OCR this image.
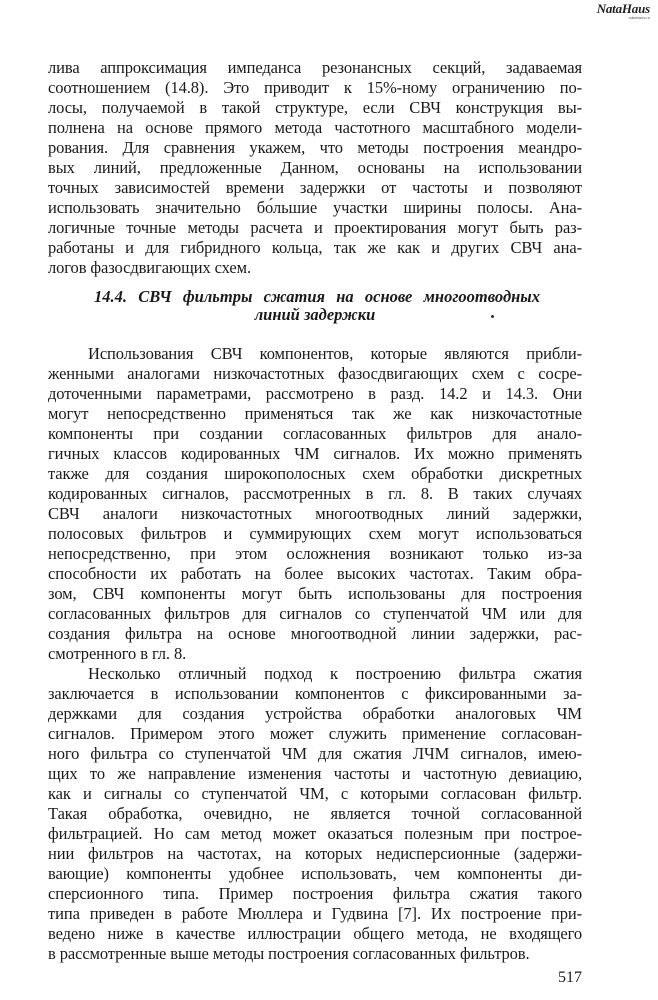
NataHaus
natahaus.ru
лива аппроксимация импеданса резонансных секций, задаваемая
соотношением (14.8). Это приводит к 15%-ному ограничению по-
лосы, получаемой в такой структуре, если СВЧ конструкция вы-
полнена на основе прямого метода частотного масштабного модели-
рования. Для сравнения укажем, что методы построения меандро-
вых линий, предложенные Данном, основаны на использовании
точных зависимостей времени задержки от частоты и позволяют
использовать значительно бо́льшие участки ширины полосы. Ана-
логичные точные методы расчета и проектирования могут быть раз-
работаны и для гибридного кольца, так же как и других СВЧ ана-
логов фазосдвигающих схем.
14.4. СВЧ фильтры сжатия на основе многоотводных
линий задержки
Использования СВЧ компонентов, которые являются прибли-
женными аналогами низкочастотных фазосдвигающих схем с сосре-
доточенными параметрами, рассмотрено в разд. 14.2 и 14.3. Они
могут непосредственно применяться так же как низкочастотные
компоненты при создании согласованных фильтров для анало-
гичных классов кодированных ЧМ сигналов. Их можно применять
также для создания широкополосных схем обработки дискретных
кодированных сигналов, рассмотренных в гл. 8. В таких случаях
СВЧ аналоги низкочастотных многоотводных линий задержки,
полосовых фильтров и суммирующих схем могут использоваться
непосредственно, при этом осложнения возникают только из-за
способности их работать на более высоких частотах. Таким обра-
зом, СВЧ компоненты могут быть использованы для построения
согласованных фильтров для сигналов со ступенчатой ЧМ или для
создания фильтра на основе многоотводной линии задержки, рас-
смотренного в гл. 8.
Несколько отличный подход к построению фильтра сжатия
заключается в использовании компонентов с фиксированными за-
держками для создания устройства обработки аналоговых ЧМ
сигналов. Примером этого может служить применение согласован-
ного фильтра со ступенчатой ЧМ для сжатия ЛЧМ сигналов, имею-
щих то же направление изменения частоты и частотную девиацию,
как и сигналы со ступенчатой ЧМ, с которыми согласован фильтр.
Такая обработка, очевидно, не является точной согласованной
фильтрацией. Но сам метод может оказаться полезным при построе-
нии фильтров на частотах, на которых недисперсионные (задержи-
вающие) компоненты удобнее использовать, чем компоненты ди-
сперсионного типа. Пример построения фильтра сжатия такого
типа приведен в работе Мюллера и Гудвина [7]. Их построение при-
ведено ниже в качестве иллюстрации общего метода, не входящего
в рассмотренные выше методы построения согласованных фильтров.
517
